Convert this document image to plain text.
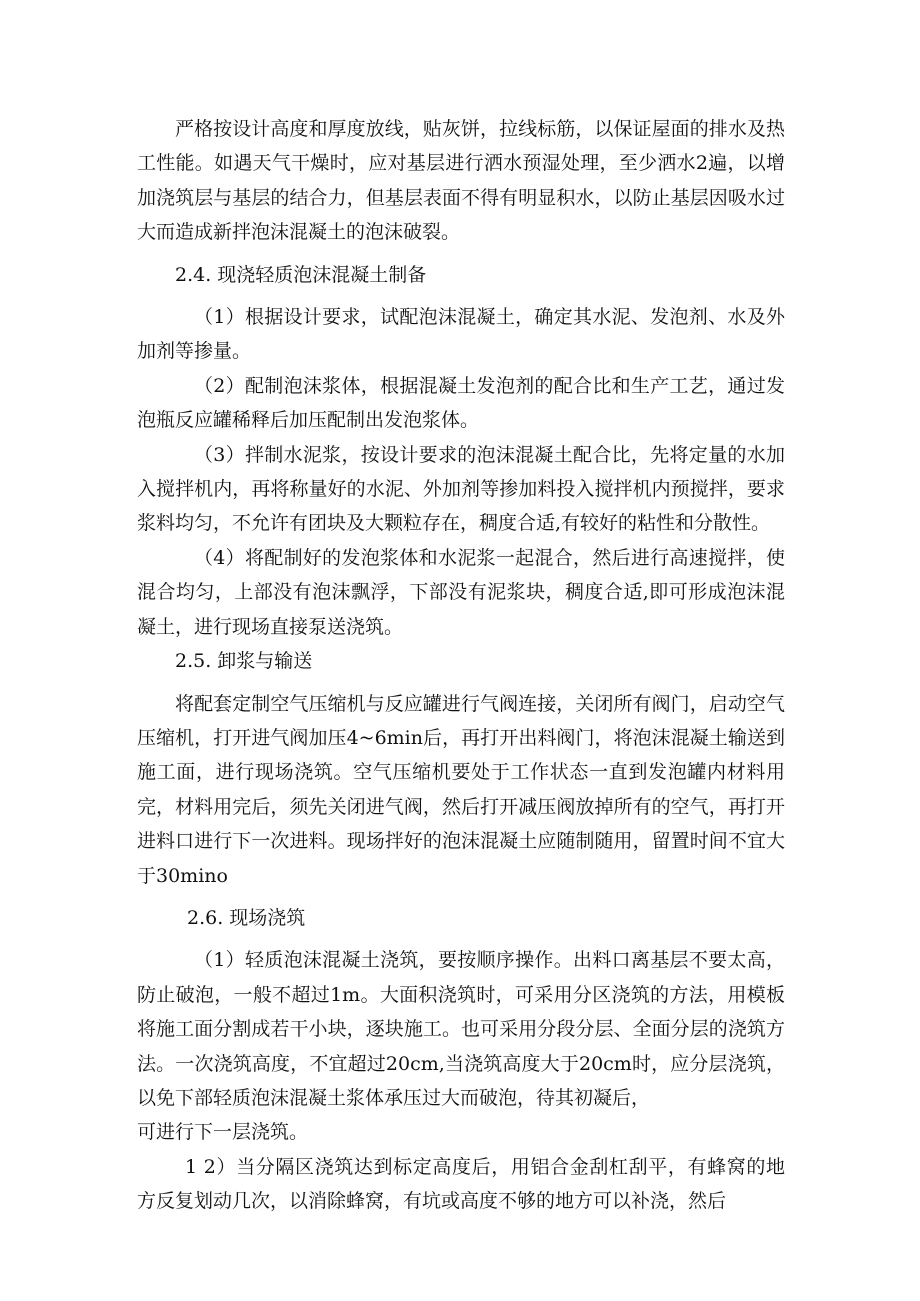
严格按设计高度和厚度放线，贴灰饼，拉线标筋，以保证屋面的排水及热工性能。如遇天气干燥时，应对基层进行洒水预湿处理，至少洒水2遍，以增加浇筑层与基层的结合力，但基层表面不得有明显积水，以防止基层因吸水过大而造成新拌泡沫混凝土的泡沫破裂。

2.4. 现浇轻质泡沫混凝土制备

（1）根据设计要求，试配泡沫混凝土，确定其水泥、发泡剂、水及外加剂等掺量。

（2）配制泡沫浆体，根据混凝土发泡剂的配合比和生产工艺，通过发泡瓶反应罐稀释后加压配制出发泡浆体。

（3）拌制水泥浆，按设计要求的泡沫混凝土配合比，先将定量的水加入搅拌机内，再将称量好的水泥、外加剂等掺加料投入搅拌机内预搅拌，要求浆料均匀，不允许有团块及大颗粒存在，稠度合适,有较好的粘性和分散性。

（4）将配制好的发泡浆体和水泥浆一起混合，然后进行高速搅拌，使混合均匀，上部没有泡沫飘浮，下部没有泥浆块，稠度合适,即可形成泡沫混凝土，进行现场直接泵送浇筑。

2.5. 卸浆与输送

将配套定制空气压缩机与反应罐进行气阀连接，关闭所有阀门，启动空气压缩机，打开进气阀加压4~6min后，再打开出料阀门，将泡沫混凝土输送到施工面，进行现场浇筑。空气压缩机要处于工作状态一直到发泡罐内材料用完，材料用完后，须先关闭进气阀，然后打开减压阀放掉所有的空气，再打开进料口进行下一次进料。现场拌好的泡沫混凝土应随制随用，留置时间不宜大于30mino

2.6. 现场浇筑

（1）轻质泡沫混凝土浇筑，要按顺序操作。出料口离基层不要太高，防止破泡，一般不超过1m。大面积浇筑时，可采用分区浇筑的方法，用模板将施工面分割成若干小块，逐块施工。也可采用分段分层、全面分层的浇筑方法。一次浇筑高度，不宜超过20cm,当浇筑高度大于20cm时，应分层浇筑，以免下部轻质泡沫混凝土浆体承压过大而破泡，待其初凝后，

可进行下一层浇筑。

1 2）当分隔区浇筑达到标定高度后，用铝合金刮杠刮平，有蜂窝的地方反复划动几次，以消除蜂窝，有坑或高度不够的地方可以补浇，然后
